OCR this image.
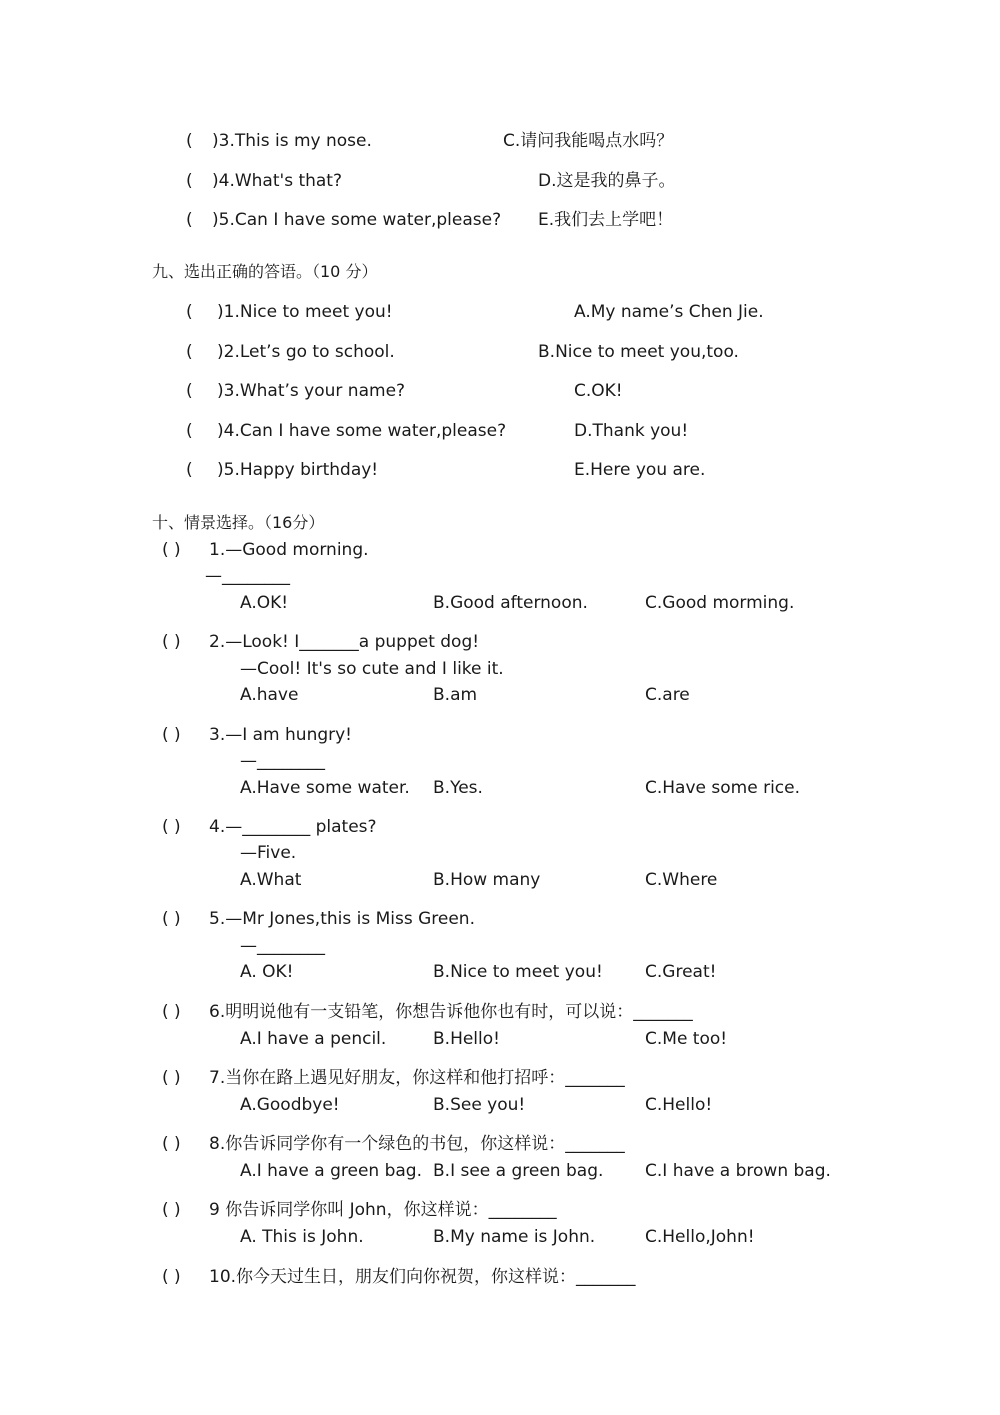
( )3.This is my nose.	C.请问我能喝点水吗？
( )4.What's that?	D.这是我的鼻子。
( )5.Can I have some water,please? E.我们去上学吧！
九、选出正确的答语。（10 分）
( )1.Nice to meet you!	A.My name’s Chen Jie.
( )2.Let’s go to school.	B.Nice to meet you,too.
( )3.What’s your name?	C.OK!
( )4.Can I have some water,please?	D.Thank you!
( )5.Happy birthday!	E.Here you are.
十、情景选择。（16分）
( ) 1.—Good morning.
—________
A.OK!	B.Good afternoon.	C.Good morming.
( ) 2.—Look! I_______a puppet dog!
—Cool! It's so cute and I like it.
A.have	B.am	C.are
( ) 3.—I am hungry!
—________
A.Have some water. B.Yes.	C.Have some rice.
( ) 4.—________ plates?
—Five.
A.What	B.How many	C.Where
( ) 5.—Mr Jones,this is Miss Green.
—________
A. OK!	B.Nice to meet you! C.Great!
( ) 6.明明说他有一支铅笔，你想告诉他你也有时，可以说：_______
A.I have a pencil.	B.Hello!	C.Me too!
( ) 7.当你在路上遇见好朋友，你这样和他打招呼：_______
A.Goodbye!	B.See you!	C.Hello!
( ) 8.你告诉同学你有一个绿色的书包，你这样说：_______
A.I have a green bag. B.I see a green bag. C.I have a brown bag.
( ) 9 你告诉同学你叫 John，你这样说：________
A. This is John.	B.My name is John.	C.Hello,John!
( ) 10.你今天过生日，朋友们向你祝贺，你这样说：_______
